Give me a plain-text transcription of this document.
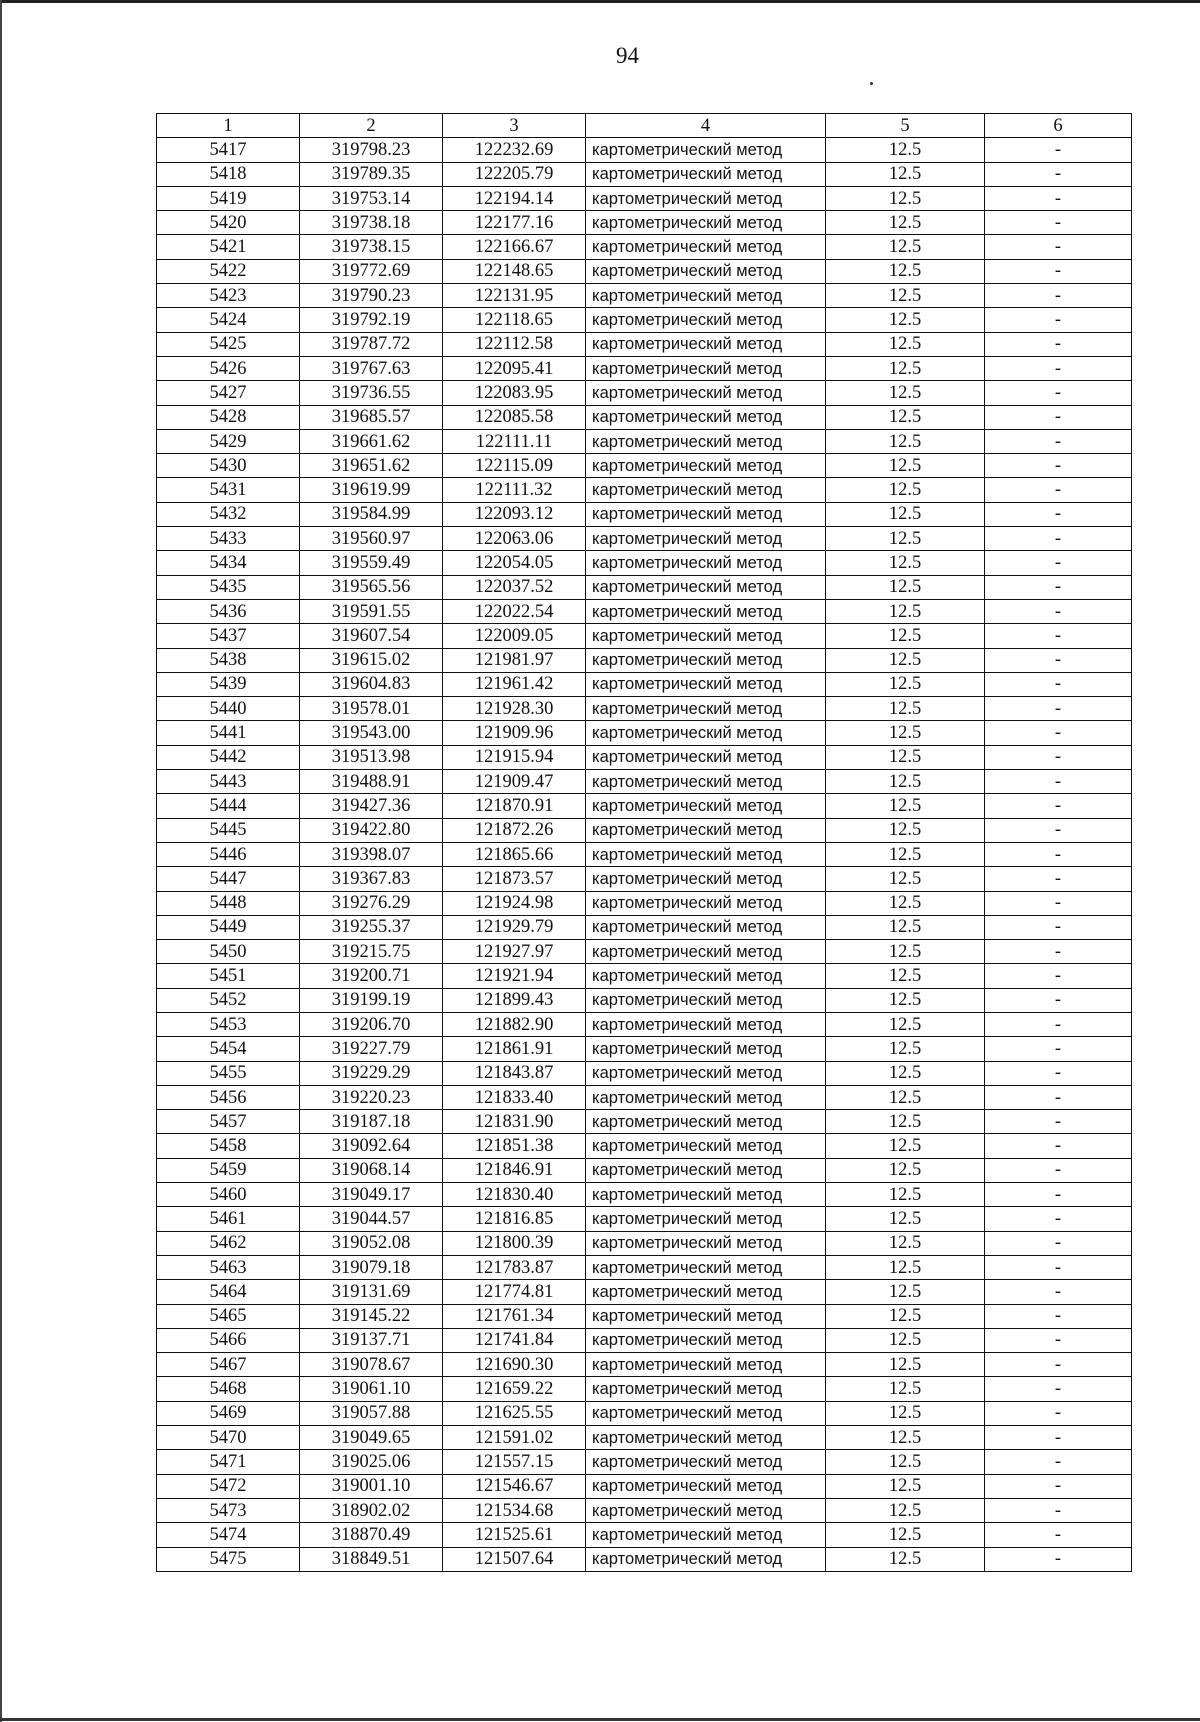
94
1	2	3	4	5	6
5417	319798.23	122232.69	картометрический метод	12.5	-
5418	319789.35	122205.79	картометрический метод	12.5	-
5419	319753.14	122194.14	картометрический метод	12.5	-
5420	319738.18	122177.16	картометрический метод	12.5	-
5421	319738.15	122166.67	картометрический метод	12.5	-
5422	319772.69	122148.65	картометрический метод	12.5	-
5423	319790.23	122131.95	картометрический метод	12.5	-
5424	319792.19	122118.65	картометрический метод	12.5	-
5425	319787.72	122112.58	картометрический метод	12.5	-
5426	319767.63	122095.41	картометрический метод	12.5	-
5427	319736.55	122083.95	картометрический метод	12.5	-
5428	319685.57	122085.58	картометрический метод	12.5	-
5429	319661.62	122111.11	картометрический метод	12.5	-
5430	319651.62	122115.09	картометрический метод	12.5	-
5431	319619.99	122111.32	картометрический метод	12.5	-
5432	319584.99	122093.12	картометрический метод	12.5	-
5433	319560.97	122063.06	картометрический метод	12.5	-
5434	319559.49	122054.05	картометрический метод	12.5	-
5435	319565.56	122037.52	картометрический метод	12.5	-
5436	319591.55	122022.54	картометрический метод	12.5	-
5437	319607.54	122009.05	картометрический метод	12.5	-
5438	319615.02	121981.97	картометрический метод	12.5	-
5439	319604.83	121961.42	картометрический метод	12.5	-
5440	319578.01	121928.30	картометрический метод	12.5	-
5441	319543.00	121909.96	картометрический метод	12.5	-
5442	319513.98	121915.94	картометрический метод	12.5	-
5443	319488.91	121909.47	картометрический метод	12.5	-
5444	319427.36	121870.91	картометрический метод	12.5	-
5445	319422.80	121872.26	картометрический метод	12.5	-
5446	319398.07	121865.66	картометрический метод	12.5	-
5447	319367.83	121873.57	картометрический метод	12.5	-
5448	319276.29	121924.98	картометрический метод	12.5	-
5449	319255.37	121929.79	картометрический метод	12.5	-
5450	319215.75	121927.97	картометрический метод	12.5	-
5451	319200.71	121921.94	картометрический метод	12.5	-
5452	319199.19	121899.43	картометрический метод	12.5	-
5453	319206.70	121882.90	картометрический метод	12.5	-
5454	319227.79	121861.91	картометрический метод	12.5	-
5455	319229.29	121843.87	картометрический метод	12.5	-
5456	319220.23	121833.40	картометрический метод	12.5	-
5457	319187.18	121831.90	картометрический метод	12.5	-
5458	319092.64	121851.38	картометрический метод	12.5	-
5459	319068.14	121846.91	картометрический метод	12.5	-
5460	319049.17	121830.40	картометрический метод	12.5	-
5461	319044.57	121816.85	картометрический метод	12.5	-
5462	319052.08	121800.39	картометрический метод	12.5	-
5463	319079.18	121783.87	картометрический метод	12.5	-
5464	319131.69	121774.81	картометрический метод	12.5	-
5465	319145.22	121761.34	картометрический метод	12.5	-
5466	319137.71	121741.84	картометрический метод	12.5	-
5467	319078.67	121690.30	картометрический метод	12.5	-
5468	319061.10	121659.22	картометрический метод	12.5	-
5469	319057.88	121625.55	картометрический метод	12.5	-
5470	319049.65	121591.02	картометрический метод	12.5	-
5471	319025.06	121557.15	картометрический метод	12.5	-
5472	319001.10	121546.67	картометрический метод	12.5	-
5473	318902.02	121534.68	картометрический метод	12.5	-
5474	318870.49	121525.61	картометрический метод	12.5	-
5475	318849.51	121507.64	картометрический метод	12.5	-
